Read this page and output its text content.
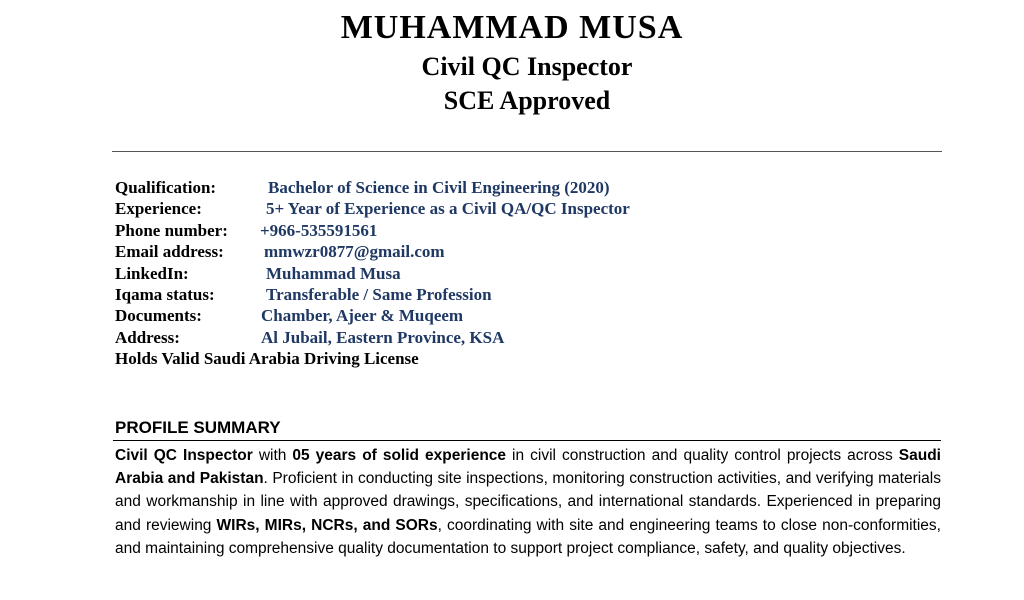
MUHAMMAD MUSA
Civil QC Inspector
SCE Approved
Qualification:	Bachelor of Science in Civil Engineering (2020)
Experience:	5+ Year of Experience as a Civil QA/QC Inspector
Phone number: +966-535591561
Email address: mmwzr0877@gmail.com
LinkedIn:	Muhammad Musa
Iqama status:	Transferable / Same Profession
Documents:	Chamber, Ajeer & Muqeem
Address:	Al Jubail, Eastern Province, KSA
Holds Valid Saudi Arabia Driving License
PROFILE SUMMARY
Civil QC Inspector with 05 years of solid experience in civil construction and quality control projects across Saudi Arabia and Pakistan. Proficient in conducting site inspections, monitoring construction activities, and verifying materials and workmanship in line with approved drawings, specifications, and international standards. Experienced in preparing and reviewing WIRs, MIRs, NCRs, and SORs, coordinating with site and engineering teams to close non-conformities, and maintaining comprehensive quality documentation to support project compliance, safety, and quality objectives.
